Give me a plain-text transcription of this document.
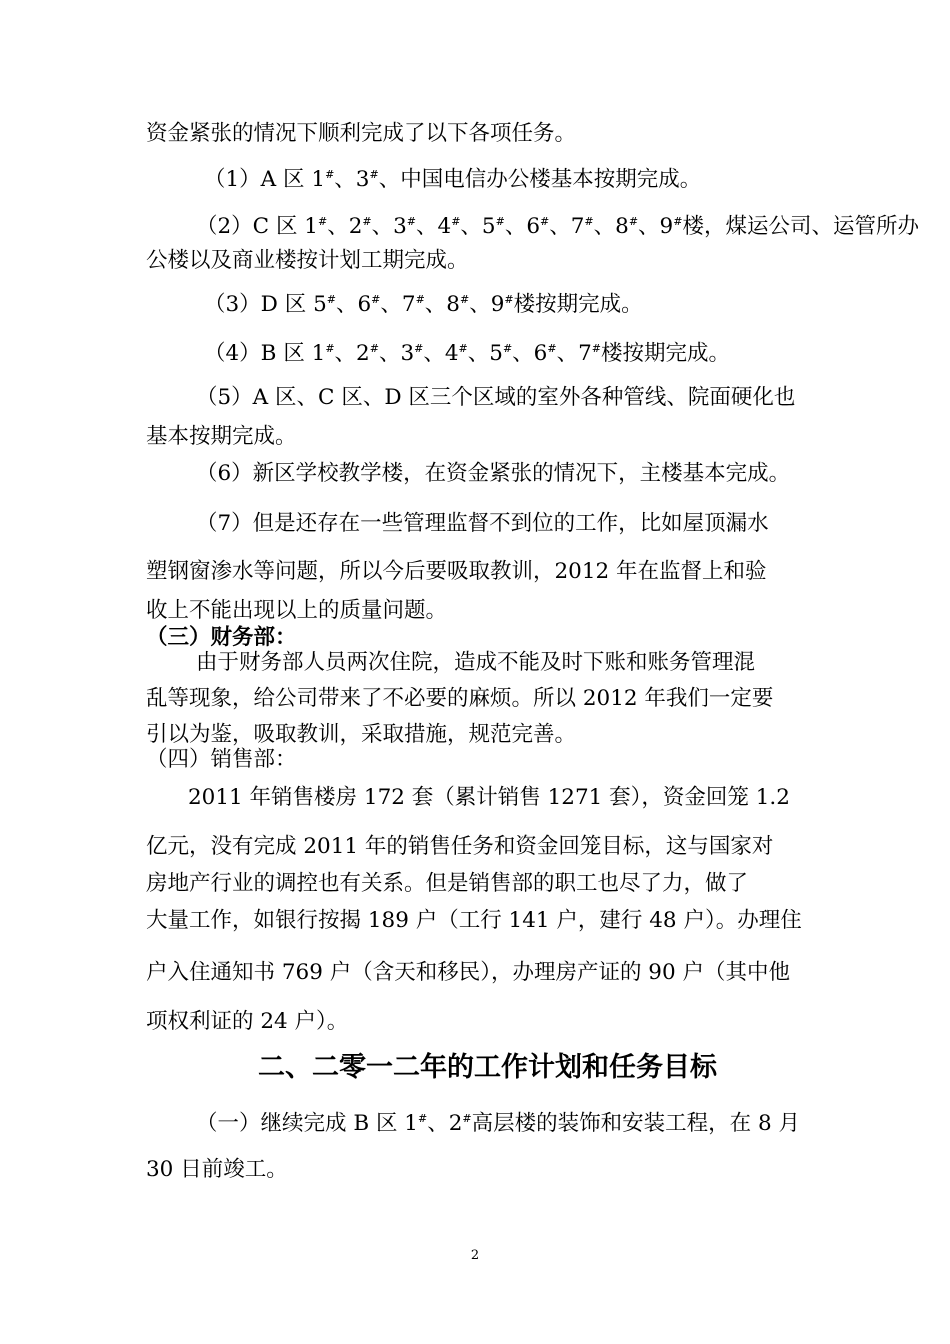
资金紧张的情况下顺利完成了以下各项任务。
（1）A 区 1#、3#、中国电信办公楼基本按期完成。
（2）C 区 1#、2#、3#、4#、5#、6#、7#、8#、9#楼，煤运公司、运管所办
公楼以及商业楼按计划工期完成。
（3）D 区 5#、6#、7#、8#、9#楼按期完成。
（4）B 区 1#、2#、3#、4#、5#、6#、7#楼按期完成。
（5）A 区、C 区、D 区三个区域的室外各种管线、院面硬化也
基本按期完成。
（6）新区学校教学楼，在资金紧张的情况下，主楼基本完成。
（7）但是还存在一些管理监督不到位的工作，比如屋顶漏水
塑钢窗渗水等问题，所以今后要吸取教训，2012 年在监督上和验
收上不能出现以上的质量问题。
（三）财务部：
由于财务部人员两次住院，造成不能及时下账和账务管理混
乱等现象，给公司带来了不必要的麻烦。所以 2012 年我们一定要
引以为鉴，吸取教训，采取措施，规范完善。
（四）销售部：
2011 年销售楼房 172 套（累计销售 1271 套），资金回笼 1.2
亿元，没有完成 2011 年的销售任务和资金回笼目标，这与国家对
房地产行业的调控也有关系。但是销售部的职工也尽了力，做了
大量工作，如银行按揭 189 户（工行 141 户，建行 48 户）。办理住
户入住通知书 769 户（含天和移民），办理房产证的 90 户（其中他
项权利证的 24 户）。
二、二零一二年的工作计划和任务目标
（一）继续完成 B 区 1#、2#高层楼的装饰和安装工程，在 8 月
30 日前竣工。
2
